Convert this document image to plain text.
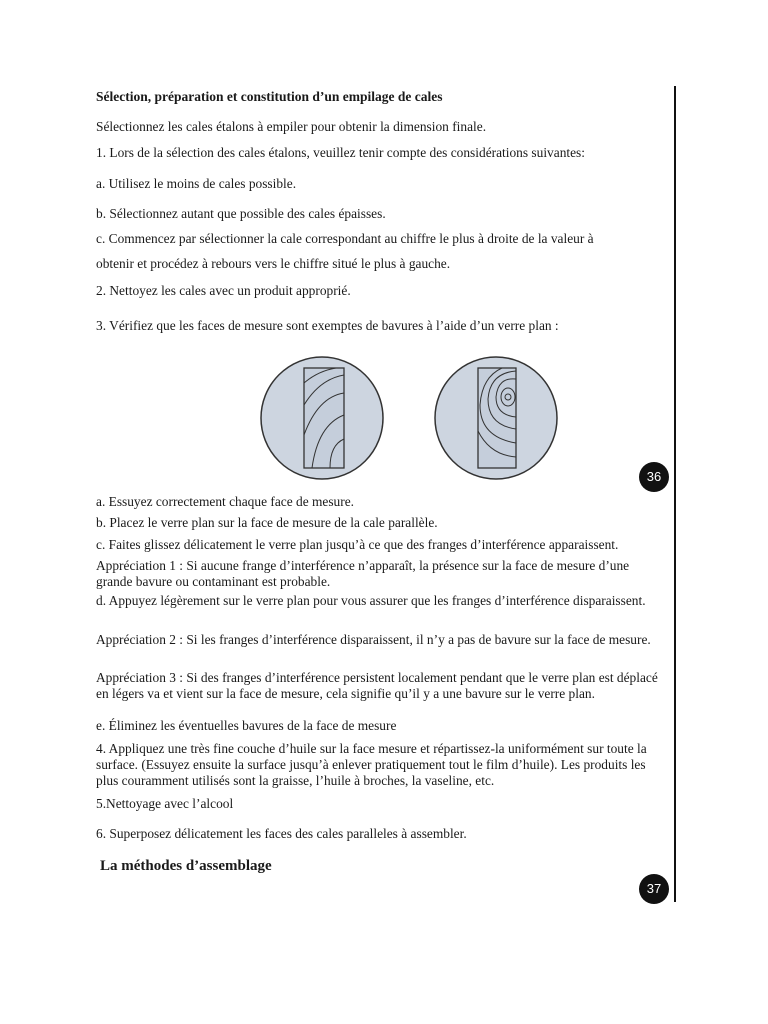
Sélection, préparation et constitution d’un empilage de cales

Sélectionnez les cales étalons à empiler pour obtenir la dimension finale.

1. Lors de la sélection des cales étalons, veuillez tenir compte des considérations suivantes:

a. Utilisez le moins de cales possible.

b. Sélectionnez autant que possible des cales épaisses.

c. Commencez par sélectionner la cale correspondant au chiffre le plus à droite de la valeur à

obtenir et procédez à rebours vers le chiffre situé le plus à gauche.

2. Nettoyez les cales avec un produit approprié.

3. Vérifiez que les faces de mesure sont exemptes de bavures à l’aide d’un verre plan :

36

a. Essuyez correctement chaque face de mesure.

b. Placez le verre plan sur la face de mesure de la cale parallèle.

c. Faites glissez délicatement le verre plan jusqu’à ce que des franges d’interférence apparaissent.

Appréciation 1 : Si aucune frange d’interférence n’apparaît, la présence sur la face de mesure d’une grande bavure ou contaminant est probable.

d. Appuyez légèrement sur le verre plan pour vous assurer que les franges d’interférence disparaissent.

Appréciation 2 : Si les franges d’interférence disparaissent, il n’y a pas de bavure sur la face de mesure.

Appréciation 3 : Si des franges d’interférence persistent localement pendant que le verre plan est déplacé en légers va et vient sur la face de mesure, cela signifie qu’il y a une bavure sur le verre plan.

e. Éliminez les éventuelles bavures de la face de mesure

4. Appliquez une très fine couche d’huile sur la face mesure et répartissez-la uniformément sur toute la surface. (Essuyez ensuite la surface jusqu’à enlever pratiquement tout le film d’huile). Les produits les plus couramment utilisés sont la graisse, l’huile à broches, la vaseline, etc.

5.Nettoyage avec l’alcool

6. Superposez délicatement les faces des cales paralleles à assembler.

La méthodes d’assemblage

37
